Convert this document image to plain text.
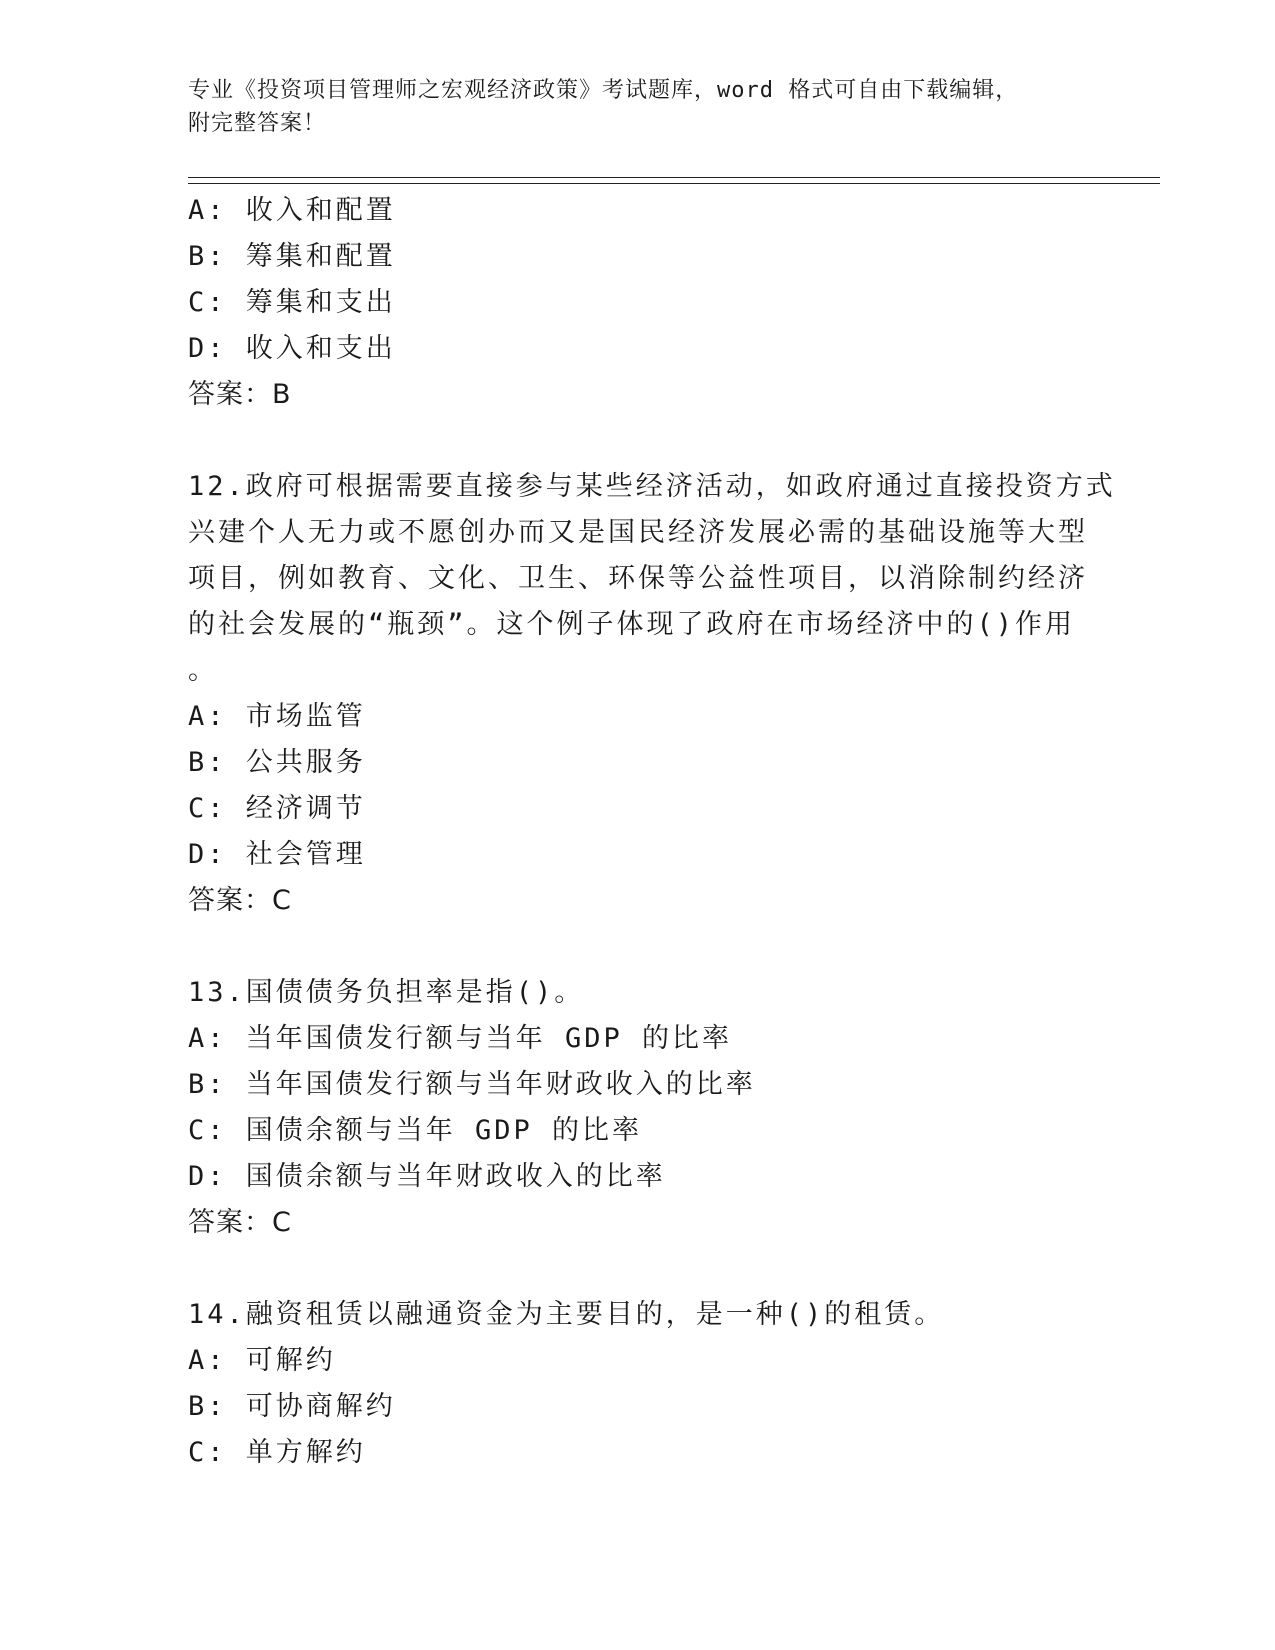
专业《投资项目管理师之宏观经济政策》考试题库，word 格式可自由下载编辑，
附完整答案！
A: 收入和配置
B: 筹集和配置
C: 筹集和支出
D: 收入和支出
答案：B
12.政府可根据需要直接参与某些经济活动，如政府通过直接投资方式
兴建个人无力或不愿创办而又是国民经济发展必需的基础设施等大型
项目，例如教育、文化、卫生、环保等公益性项目，以消除制约经济
的社会发展的“瓶颈”。这个例子体现了政府在市场经济中的()作用
。
A: 市场监管
B: 公共服务
C: 经济调节
D: 社会管理
答案：C
13.国债债务负担率是指()。
A: 当年国债发行额与当年 GDP 的比率
B: 当年国债发行额与当年财政收入的比率
C: 国债余额与当年 GDP 的比率
D: 国债余额与当年财政收入的比率
答案：C
14.融资租赁以融通资金为主要目的，是一种()的租赁。
A: 可解约
B: 可协商解约
C: 单方解约
